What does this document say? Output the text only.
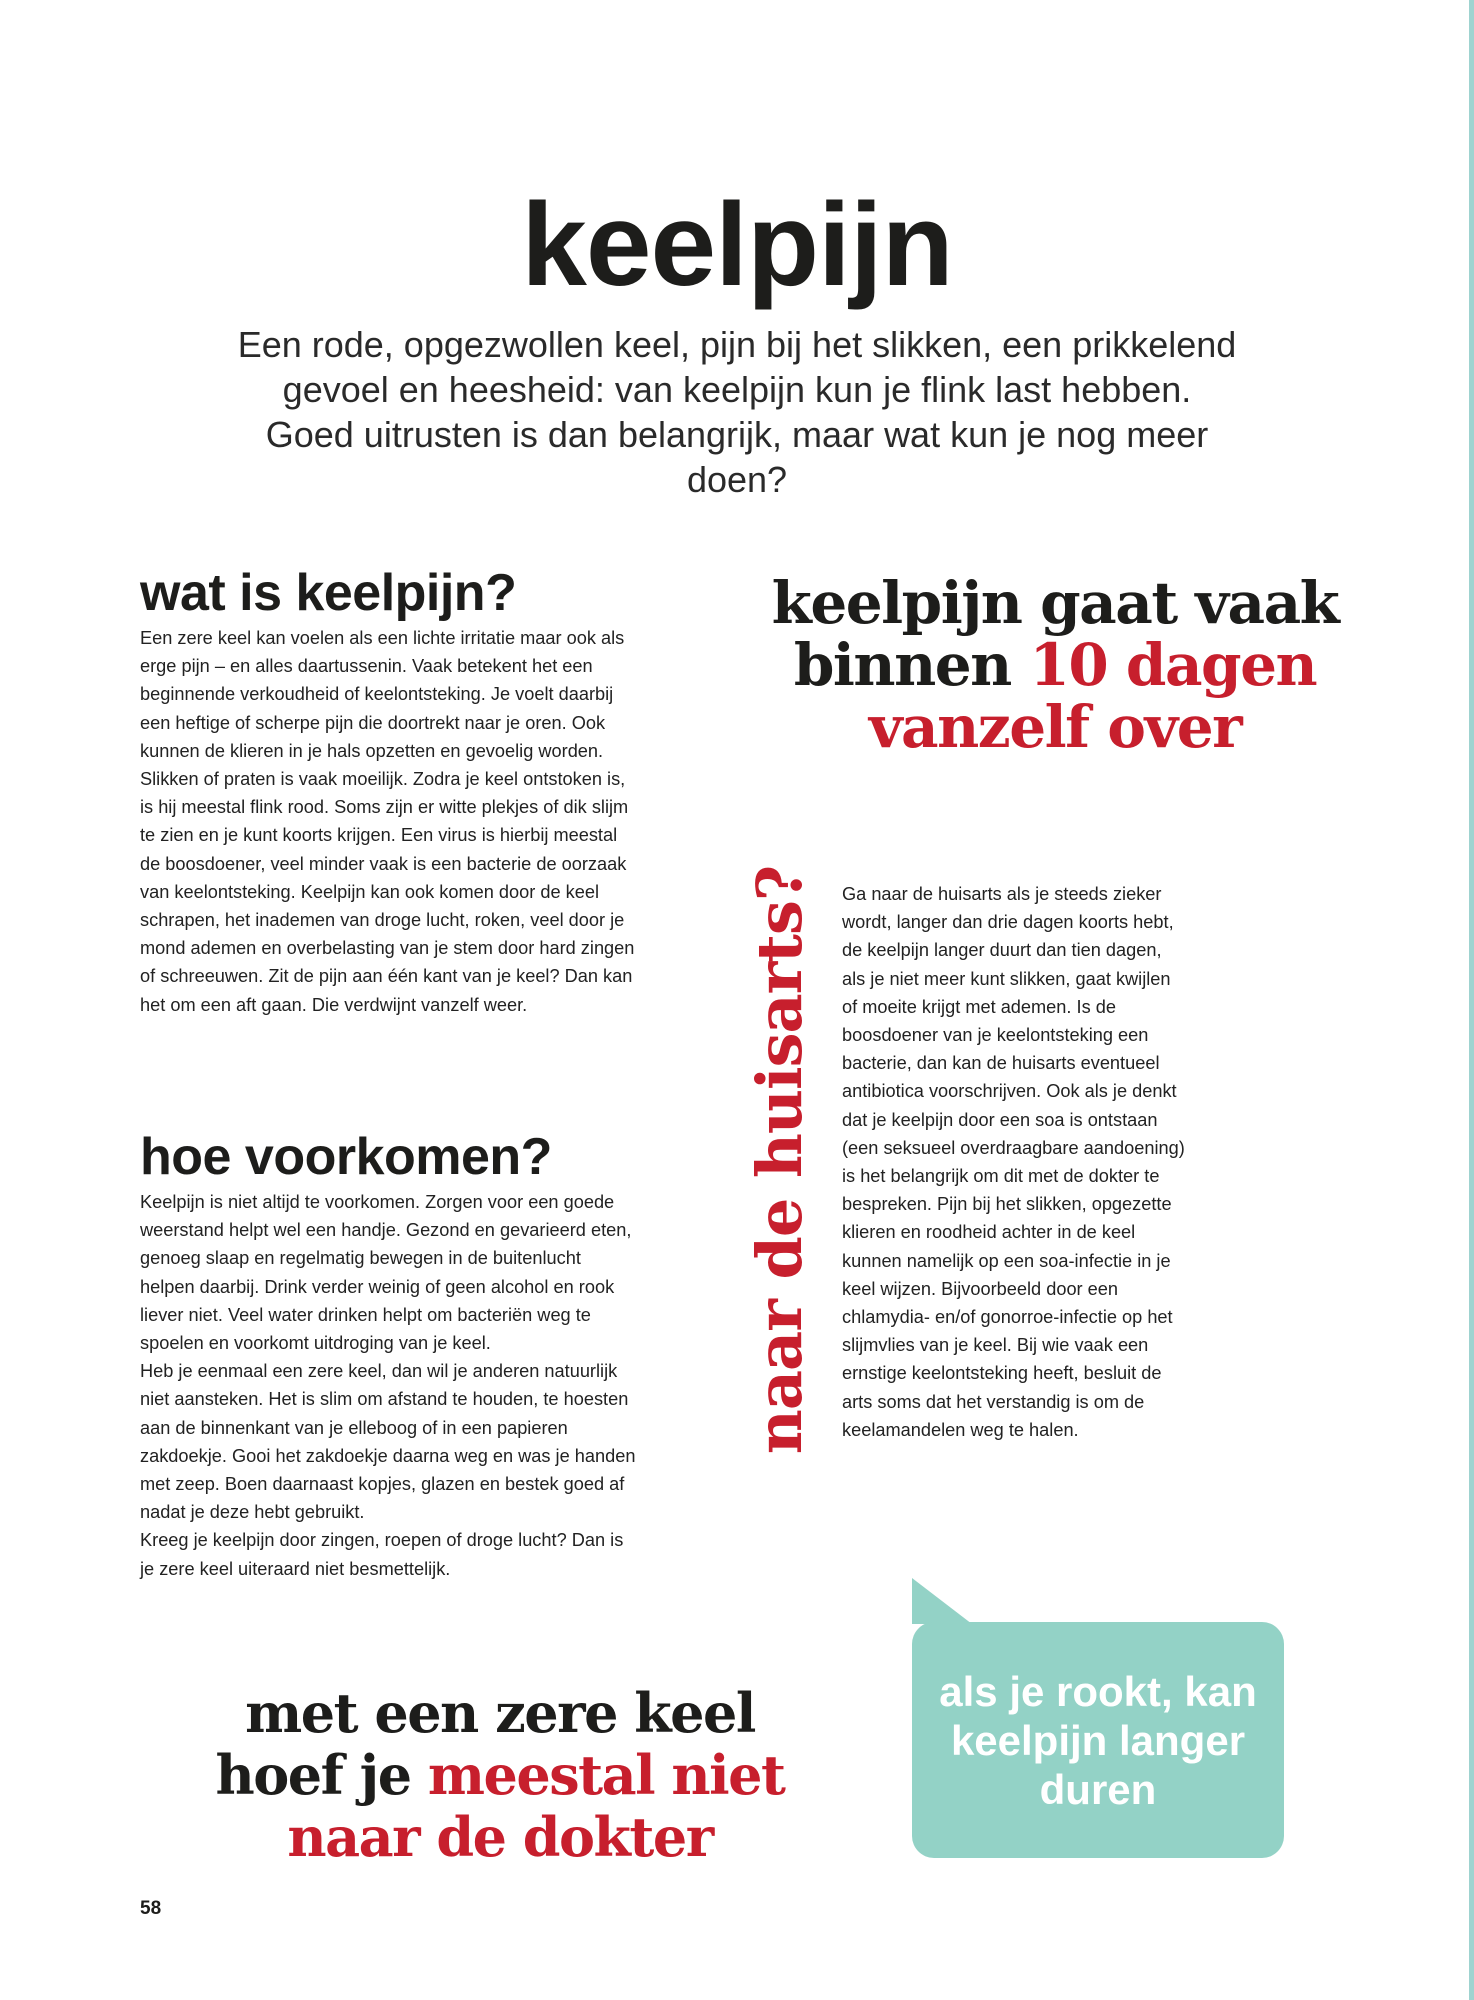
keelpijn
Een rode, opgezwollen keel, pijn bij het slikken, een prikkelend gevoel en heesheid: van keelpijn kun je flink last hebben. Goed uitrusten is dan belangrijk, maar wat kun je nog meer doen?
wat is keelpijn?

Een zere keel kan voelen als een lichte irritatie maar ook als erge pijn – en alles daartussenin. Vaak betekent het een beginnende verkoudheid of keelontsteking. Je voelt daarbij een heftige of scherpe pijn die doortrekt naar je oren. Ook kunnen de klieren in je hals opzetten en gevoelig worden. Slikken of praten is vaak moeilijk. Zodra je keel ontstoken is, is hij meestal flink rood. Soms zijn er witte plekjes of dik slijm te zien en je kunt koorts krijgen. Een virus is hierbij meestal de boosdoener, veel minder vaak is een bacterie de oorzaak van keelontsteking. Keelpijn kan ook komen door de keel schrapen, het inademen van droge lucht, roken, veel door je mond ademen en overbelasting van je stem door hard zingen of schreeuwen. Zit de pijn aan één kant van je keel? Dan kan het om een aft gaan. Die verdwijnt vanzelf weer.

hoe voorkomen?

Keelpijn is niet altijd te voorkomen. Zorgen voor een goede weerstand helpt wel een handje. Gezond en gevarieerd eten, genoeg slaap en regelmatig bewegen in de buitenlucht helpen daarbij. Drink verder weinig of geen alcohol en rook liever niet. Veel water drinken helpt om bacteriën weg te spoelen en voorkomt uitdroging van je keel.

Heb je eenmaal een zere keel, dan wil je anderen natuurlijk niet aansteken. Het is slim om afstand te houden, te hoesten aan de binnenkant van je elleboog of in een papieren zakdoekje. Gooi het zakdoekje daarna weg en was je handen met zeep. Boen daarnaast kopjes, glazen en bestek goed af nadat je deze hebt gebruikt.

Kreeg je keelpijn door zingen, roepen of droge lucht? Dan is je zere keel uiteraard niet besmettelijk.

keelpijn gaat vaak
binnen 10 dagen
vanzelf over
naar de huisarts? Ga naar de huisarts als je steeds zieker wordt, langer dan drie dagen koorts hebt, de keelpijn langer duurt dan tien dagen, als je niet meer kunt slikken, gaat kwijlen of moeite krijgt met ademen. Is de boosdoener van je keelontsteking een bacterie, dan kan de huisarts eventueel antibiotica voorschrijven. Ook als je denkt dat je keelpijn door een soa is ontstaan (een seksueel overdraagbare aandoening) is het belangrijk om dit met de dokter te bespreken. Pijn bij het slikken, opgezette klieren en roodheid achter in de keel kunnen namelijk op een soa-infectie in je keel wijzen. Bijvoorbeeld door een chlamydia- en/of gonorroe-infectie op het slijmvlies van je keel. Bij wie vaak een ernstige keelontsteking heeft, besluit de arts soms dat het verstandig is om de keelamandelen weg te halen.

met een zere keel
hoef je meestal niet
naar de dokter
als je rookt, kan keelpijn langer duren
58
